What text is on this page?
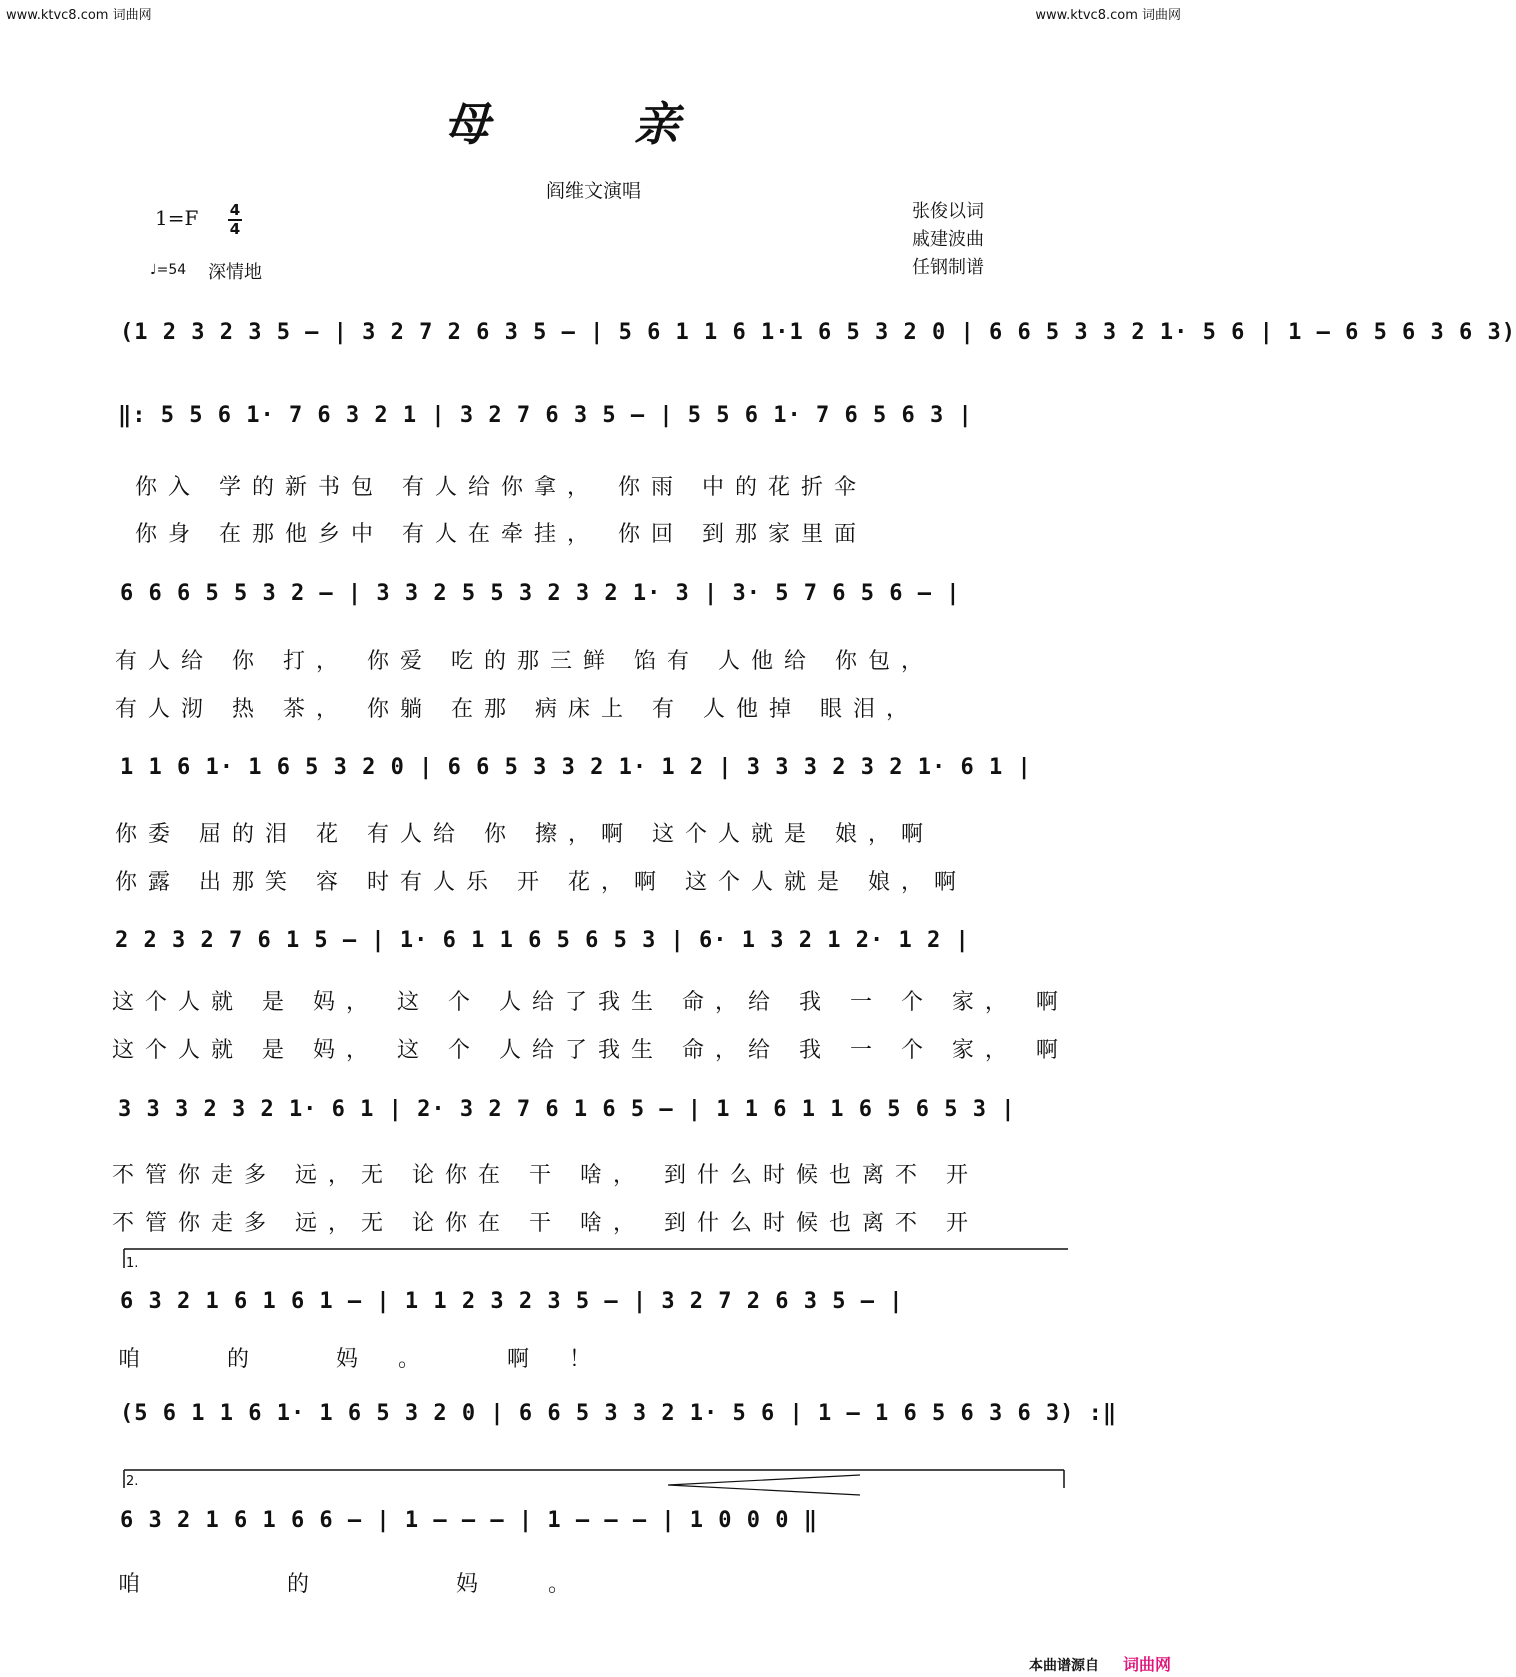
www.ktvc8.com 词曲网	www.ktvc8.com 词曲网
母 亲
阎维文演唱
1=F 4
4
♩=54 深情地
张俊以词
戚建波曲
任钢制谱
(1 2 3 2 3 5 – | 3 2 7 2 6 3 5 – | 5 6 1 1 6 1·1 6 5 3 2 0 | 6 6 5 3 3 2 1· 5 6 | 1 – 6 5 6 3 6 3)
‖: 5 5 6 1· 7 6 3 2 1 | 3 2 7 6 3 5 – | 5 5 6 1· 7 6 5 6 3 |
你入 学的新书包 有人给你拿， 你雨 中的花折伞
你身 在那他乡中 有人在牵挂， 你回 到那家里面
6 6 6 5 5 3 2 – | 3 3 2 5 5 3 2 3 2 1· 3 | 3· 5 7 6 5 6 – |
有人给 你 打， 你爱 吃的那三鲜 馅有 人他给 你包，
有人沏 热 茶， 你躺 在那 病床上 有 人他掉 眼泪，
1 1 6 1· 1 6 5 3 2 0 | 6 6 5 3 3 2 1· 1 2 | 3 3 3 2 3 2 1· 6 1 |
你委 屈的泪 花 有人给 你 擦，啊 这个人就是 娘，啊
你露 出那笑 容 时有人乐 开 花，啊 这个人就是 娘，啊
2 2 3 2 7 6 1 5 – | 1· 6 1 1 6 5 6 5 3 | 6· 1 3 2 1 2· 1 2 |
这个人就 是 妈， 这 个 人给了我生 命，给 我 一 个 家， 啊
这个人就 是 妈， 这 个 人给了我生 命，给 我 一 个 家， 啊
3 3 3 2 3 2 1· 6 1 | 2· 3 2 7 6 1 6 5 – | 1 1 6 1 1 6 5 6 5 3 |
不管你走多 远，无 论你在 干 啥， 到什么时候也离不 开
不管你走多 远，无 论你在 干 啥， 到什么时候也离不 开
1.
6 3 2 1 6 1 6 1 – | 1 1 2 3 2 3 5 – | 3 2 7 2 6 3 5 – |
咱 的 妈。 啊！
(5 6 1 1 6 1· 1 6 5 3 2 0 | 6 6 5 3 3 2 1· 5 6 | 1 – 1 6 5 6 3 6 3) :‖
2.
6 3 2 1 6 1 6 6 – | 1 – – – | 1 – – – | 1 0 0 0 ‖
咱 的 妈。
本曲谱源自 词曲网
